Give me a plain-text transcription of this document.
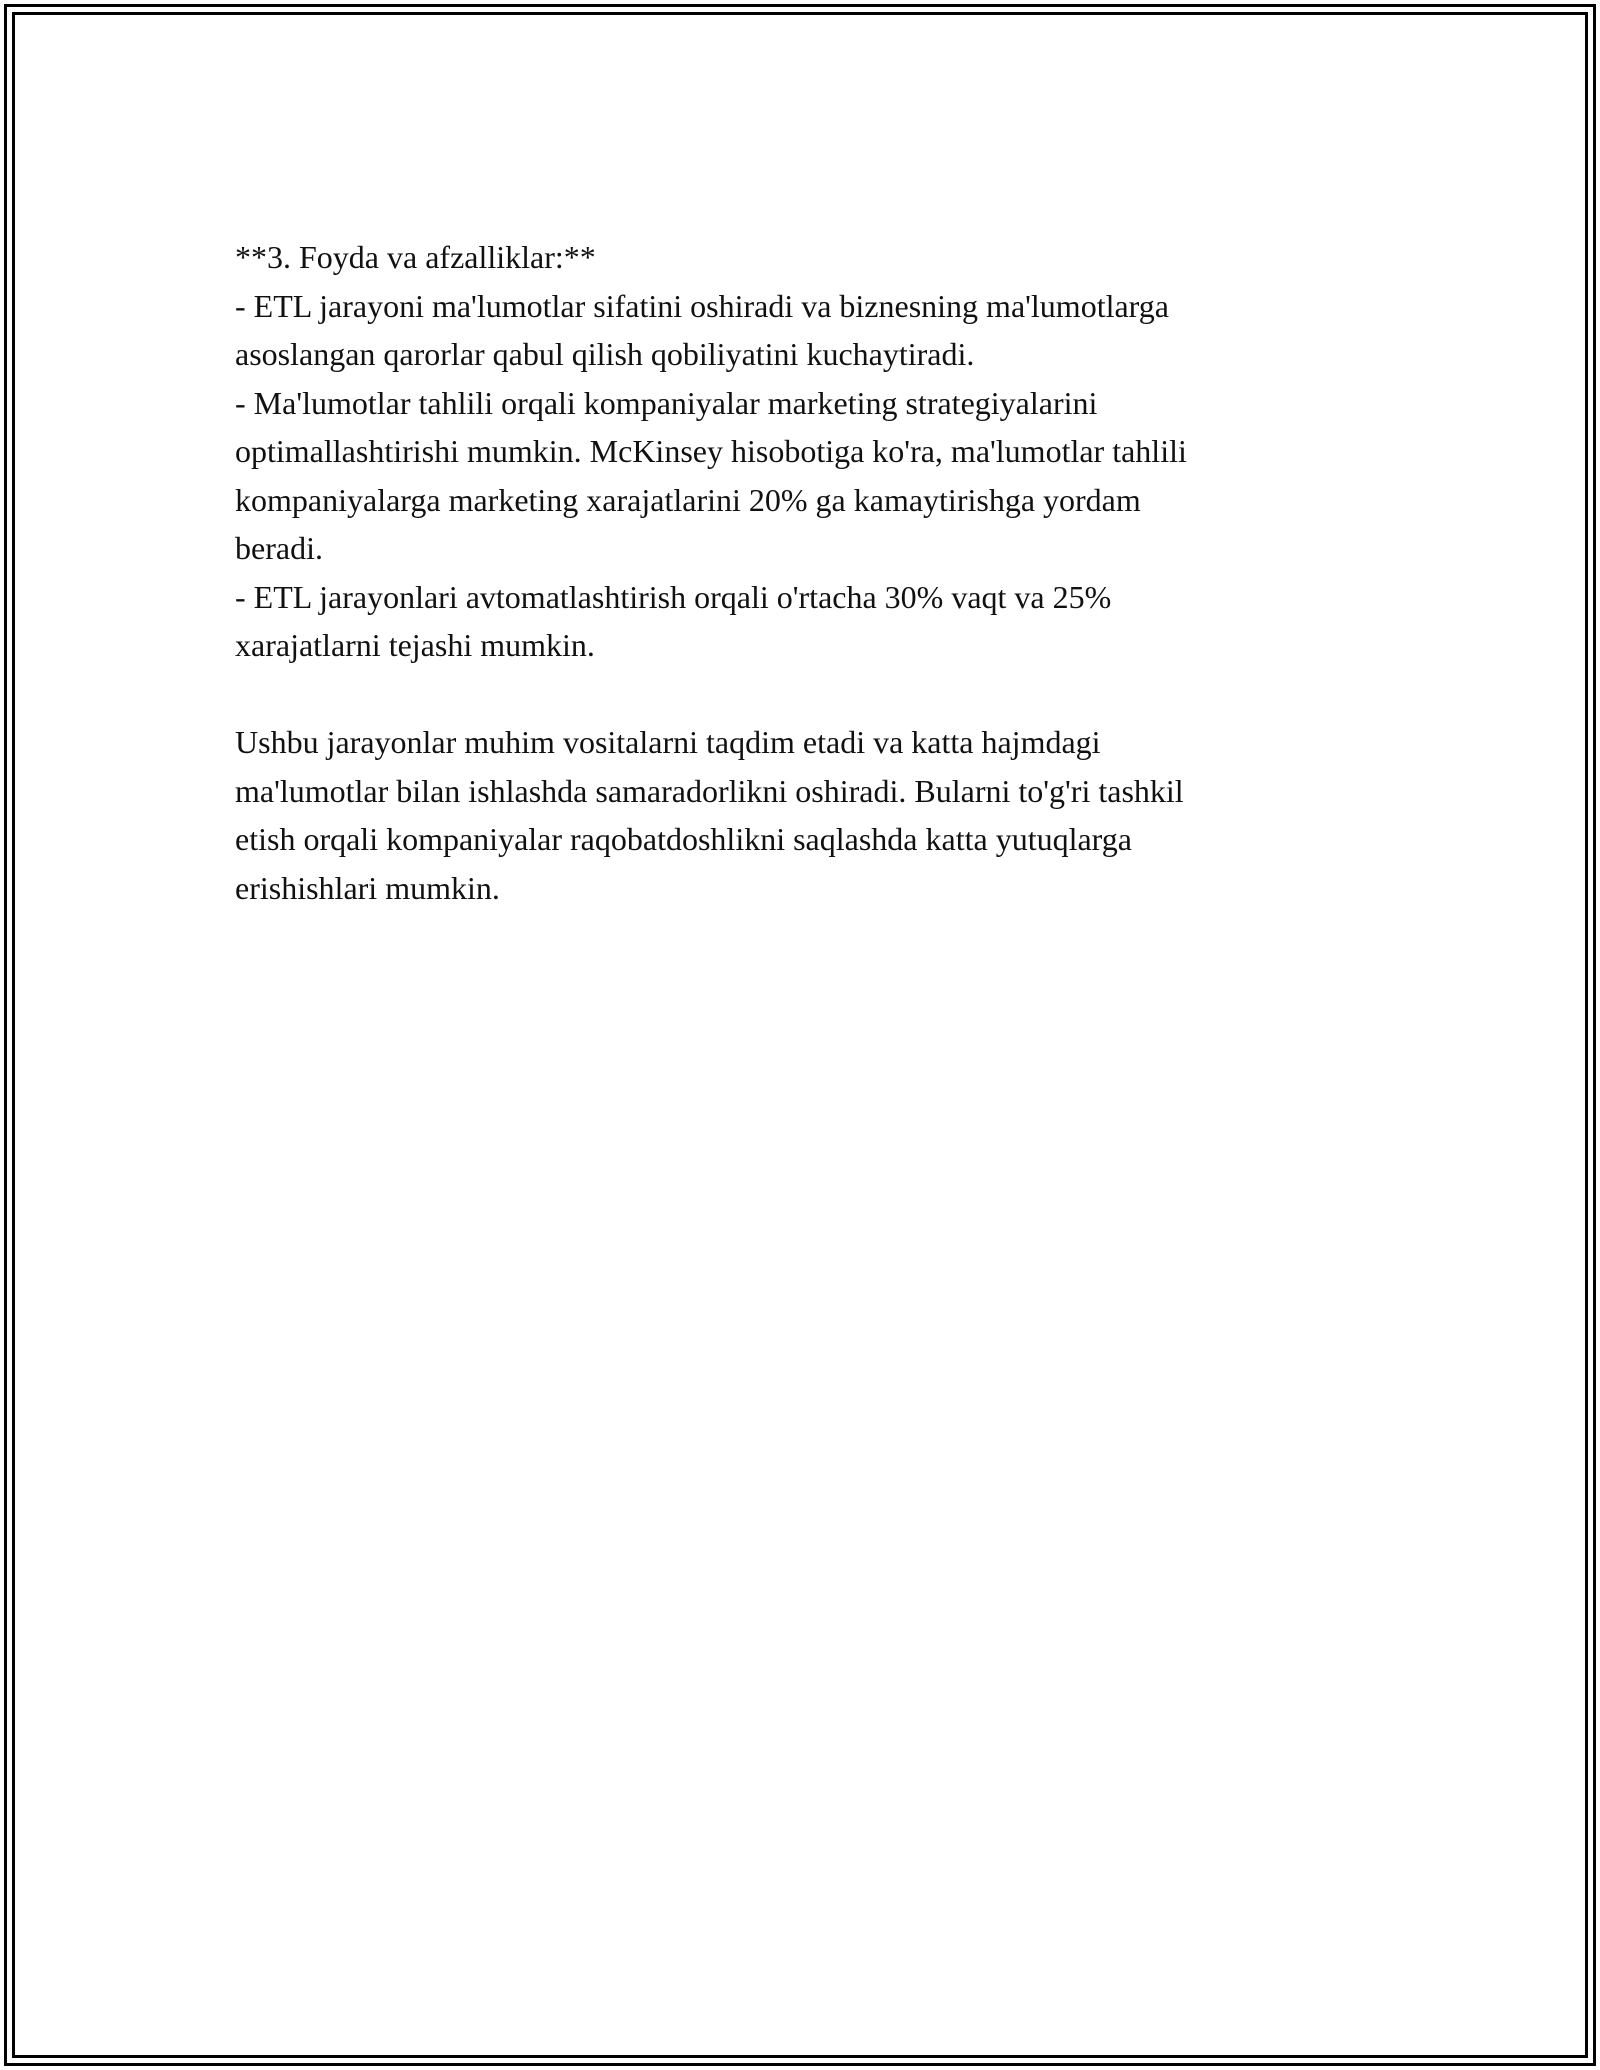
**3. Foyda va afzalliklar:**

- ETL jarayoni ma'lumotlar sifatini oshiradi va biznesning ma'lumotlarga
asoslangan qarorlar qabul qilish qobiliyatini kuchaytiradi.

- Ma'lumotlar tahlili orqali kompaniyalar marketing strategiyalarini
optimallashtirishi mumkin. McKinsey hisobotiga ko'ra, ma'lumotlar tahlili
kompaniyalarga marketing xarajatlarini 20% ga kamaytirishga yordam
beradi.

- ETL jarayonlari avtomatlashtirish orqali o'rtacha 30% vaqt va 25%
xarajatlarni tejashi mumkin.

Ushbu jarayonlar muhim vositalarni taqdim etadi va katta hajmdagi
ma'lumotlar bilan ishlashda samaradorlikni oshiradi. Bularni to'g'ri tashkil
etish orqali kompaniyalar raqobatdoshlikni saqlashda katta yutuqlarga
erishishlari mumkin.
